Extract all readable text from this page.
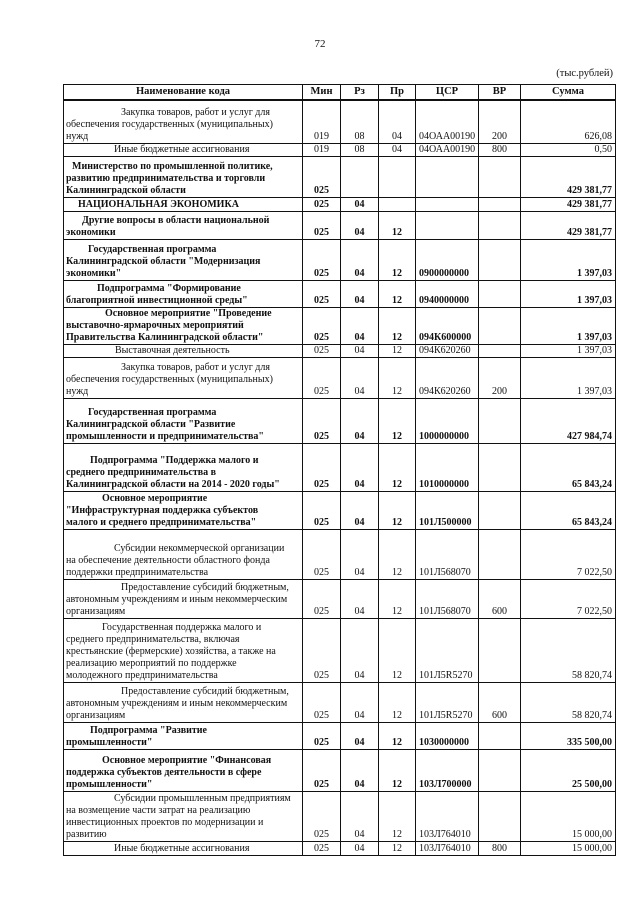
72
(тыс.рублей)
Наименование кода	Мин	Рз	Пр	ЦСР	ВР	Сумма
Закупка товаров, работ и услуг для
обеспечения государственных (муниципальных)
нужд	019	08	04	04ОАА00190	200	626,08
Иные бюджетные ассигнования	019	08	04	04ОАА00190	800	0,50
Министерство по промышленной политике,
развитию предпринимательства и торговли
Калининградской области	025					429 381,77
НАЦИОНАЛЬНАЯ ЭКОНОМИКА	025	04				429 381,77
Другие вопросы в области национальной
экономики	025	04	12			429 381,77
Государственная программа
Калининградской области "Модернизация
экономики"	025	04	12	0900000000		1 397,03
Подпрограмма "Формирование
благоприятной инвестиционной среды"	025	04	12	0940000000		1 397,03
Основное мероприятие "Проведение
выставочно-ярмарочных мероприятий
Правительства Калининградской области"	025	04	12	094К600000		1 397,03
Выставочная деятельность	025	04	12	094К620260		1 397,03
Закупка товаров, работ и услуг для
обеспечения государственных (муниципальных)
нужд	025	04	12	094К620260	200	1 397,03
Государственная программа
Калининградской области "Развитие
промышленности и предпринимательства"	025	04	12	1000000000		427 984,74
Подпрограмма "Поддержка малого и
среднего предпринимательства в
Калининградской области на 2014 - 2020 годы"	025	04	12	1010000000		65 843,24
Основное мероприятие
"Инфраструктурная поддержка субъектов
малого и среднего предпринимательства"	025	04	12	101Л500000		65 843,24
Субсидии некоммерческой организации
на обеспечение деятельности областного фонда
поддержки предпринимательства	025	04	12	101Л568070		7 022,50
Предоставление субсидий бюджетным,
автономным учреждениям и иным некоммерческим
организациям	025	04	12	101Л568070	600	7 022,50
Государственная поддержка малого и
среднего предпринимательства, включая
крестьянские (фермерские) хозяйства, а также на
реализацию мероприятий по поддержке
молодежного предпринимательства	025	04	12	101Л5R5270		58 820,74
Предоставление субсидий бюджетным,
автономным учреждениям и иным некоммерческим
организациям	025	04	12	101Л5R5270	600	58 820,74
Подпрограмма "Развитие
промышленности"	025	04	12	1030000000		335 500,00
Основное мероприятие "Финансовая
поддержка субъектов деятельности в сфере
промышленности"	025	04	12	103Л700000		25 500,00
Субсидии промышленным предприятиям
на возмещение части затрат на реализацию
инвестиционных проектов по модернизации и
развитию	025	04	12	103Л764010		15 000,00
Иные бюджетные ассигнования	025	04	12	103Л764010	800	15 000,00
